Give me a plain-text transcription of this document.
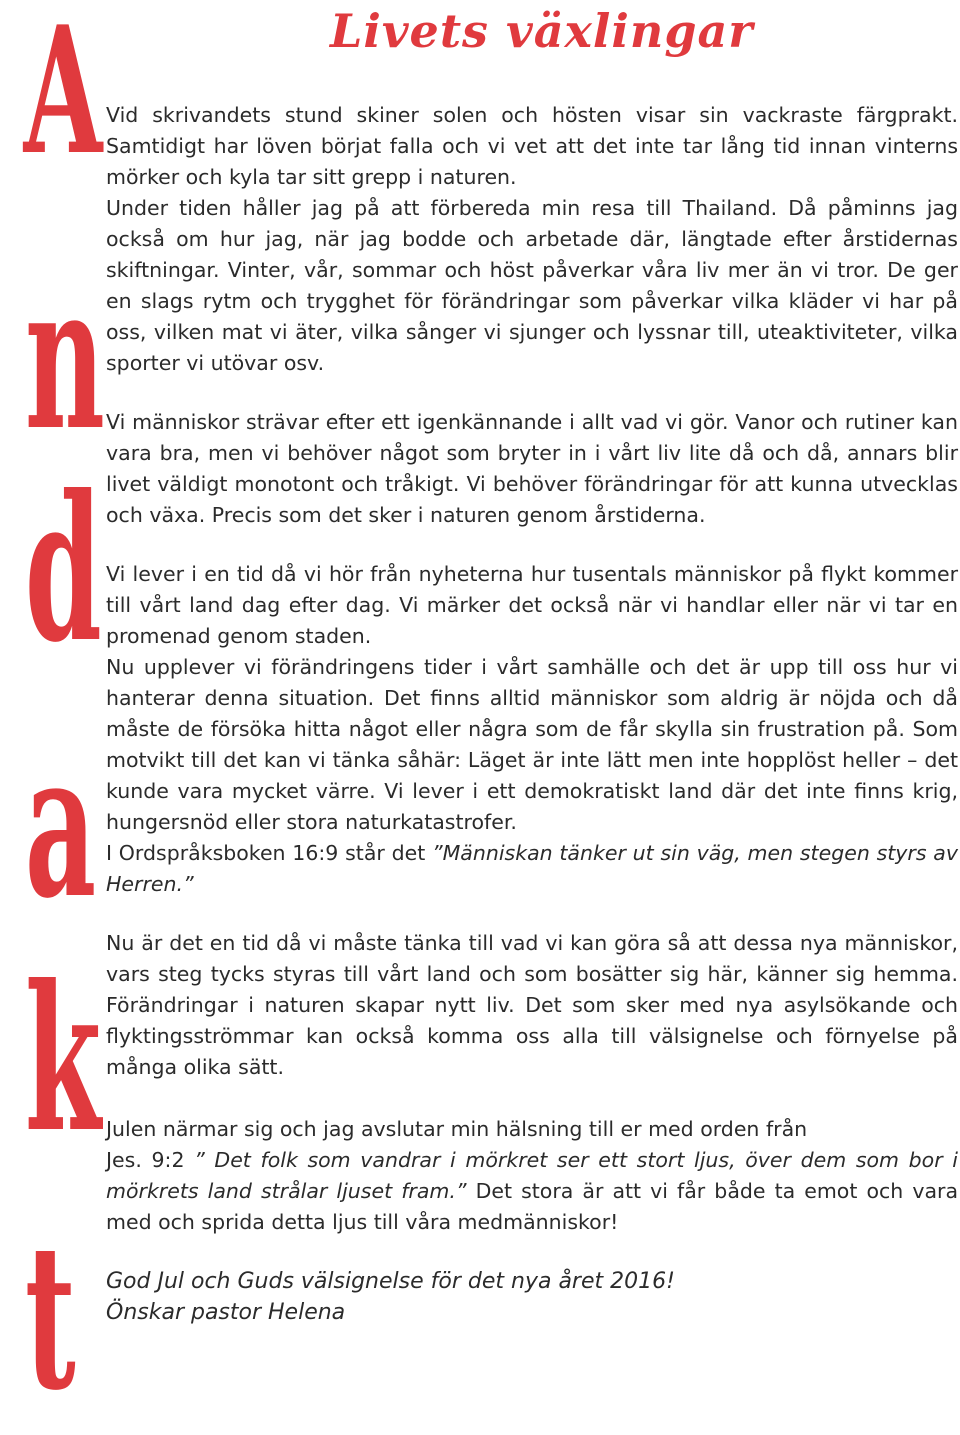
A
n
d
a
k
t
Livets växlingar

Vid skrivandets stund skiner solen och hösten visar sin vackraste färgprakt. Samtidigt har löven börjat falla och vi vet att det inte tar lång tid innan vinterns mörker och kyla tar sitt grepp i naturen.

Under tiden håller jag på att förbereda min resa till Thailand. Då påminns jag också om hur jag, när jag bodde och arbetade där, längtade efter årstidernas skiftningar. Vinter, vår, sommar och höst påverkar våra liv mer än vi tror. De ger en slags rytm och trygghet för förändringar som påverkar vilka kläder vi har på oss, vilken mat vi äter, vilka sånger vi sjunger och lyssnar till, uteaktiviteter, vilka sporter vi utövar osv.

Vi människor strävar efter ett igenkännande i allt vad vi gör. Vanor och rutiner kan vara bra, men vi behöver något som bryter in i vårt liv lite då och då, annars blir livet väldigt monotont och tråkigt. Vi behöver förändringar för att kunna utvecklas och växa. Precis som det sker i naturen genom årstiderna.

Vi lever i en tid då vi hör från nyheterna hur tusentals människor på flykt kommer till vårt land dag efter dag. Vi märker det också när vi handlar eller när vi tar en promenad genom staden.

Nu upplever vi förändringens tider i vårt samhälle och det är upp till oss hur vi hanterar denna situation. Det finns alltid människor som aldrig är nöjda och då måste de försöka hitta något eller några som de får skylla sin frustration på. Som motvikt till det kan vi tänka såhär: Läget är inte lätt men inte hopplöst heller – det kunde vara mycket värre. Vi lever i ett demokratiskt land där det inte finns krig, hungersnöd eller stora naturkatastrofer.

I Ordspråksboken 16:9 står det ”Människan tänker ut sin väg, men stegen styrs av Herren.”

Nu är det en tid då vi måste tänka till vad vi kan göra så att dessa nya människor, vars steg tycks styras till vårt land och som bosätter sig här, känner sig hemma. Förändringar i naturen skapar nytt liv. Det som sker med nya asylsökande och flyktingsströmmar kan också komma oss alla till välsignelse och förnyelse på många olika sätt.

Julen närmar sig och jag avslutar min hälsning till er med orden från

Jes. 9:2 ” Det folk som vandrar i mörkret ser ett stort ljus, över dem som bor i mörkrets land strålar ljuset fram.” Det stora är att vi får både ta emot och vara med och sprida detta ljus till våra medmänniskor!

God Jul och Guds välsignelse för det nya året 2016!

Önskar pastor Helena
